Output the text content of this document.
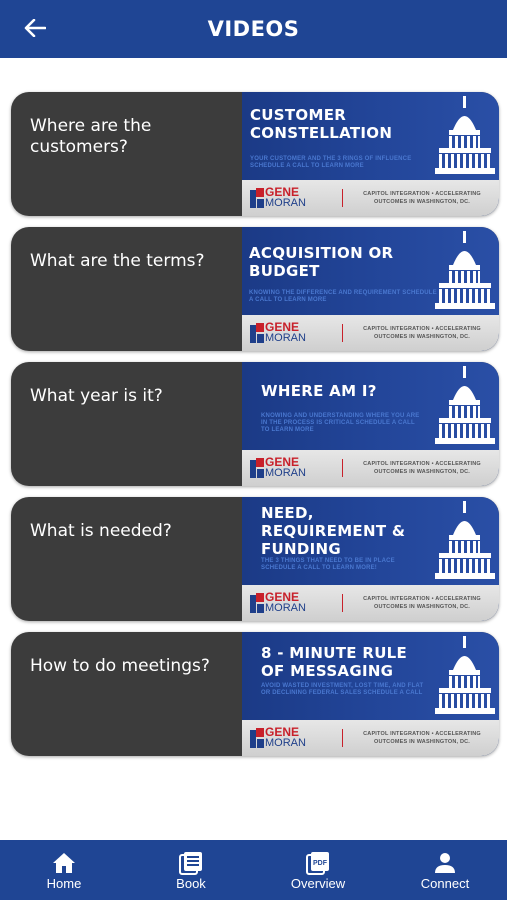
VIDEOS
Where are the customers?
CUSTOMER CONSTELLATION
YOUR CUSTOMER AND THE 3 RINGS OF INFLUENCE SCHEDULE A CALL TO LEARN MORE
GENE
MORAN
CAPITOL INTEGRATION • ACCELERATING OUTCOMES IN WASHINGTON, DC.
What are the terms?	ACQUISITION OR BUDGET
KNOWING THE DIFFERENCE AND REQUIREMENT SCHEDULE A CALL TO LEARN MORE
GENE
MORAN
CAPITOL INTEGRATION • ACCELERATING OUTCOMES IN WASHINGTON, DC.
What year is it?	WHERE AM I?
KNOWING AND UNDERSTANDING WHERE YOU ARE IN THE PROCESS IS CRITICAL SCHEDULE A CALL TO LEARN MORE
GENE
MORAN
CAPITOL INTEGRATION • ACCELERATING OUTCOMES IN WASHINGTON, DC.
What is needed?
NEED, REQUIREMENT & FUNDING
THE 3 THINGS THAT NEED TO BE IN PLACE SCHEDULE A CALL TO LEARN MORE!
GENE
MORAN
CAPITOL INTEGRATION • ACCELERATING OUTCOMES IN WASHINGTON, DC.
How to do meetings?
8 - MINUTE RULE OF MESSAGING
AVOID WASTED INVESTMENT, LOST TIME, AND FLAT OR DECLINING FEDERAL SALES SCHEDULE A CALL
GENE
MORAN
CAPITOL INTEGRATION • ACCELERATING OUTCOMES IN WASHINGTON, DC.
Home	Book
PDF
Overview	Connect
